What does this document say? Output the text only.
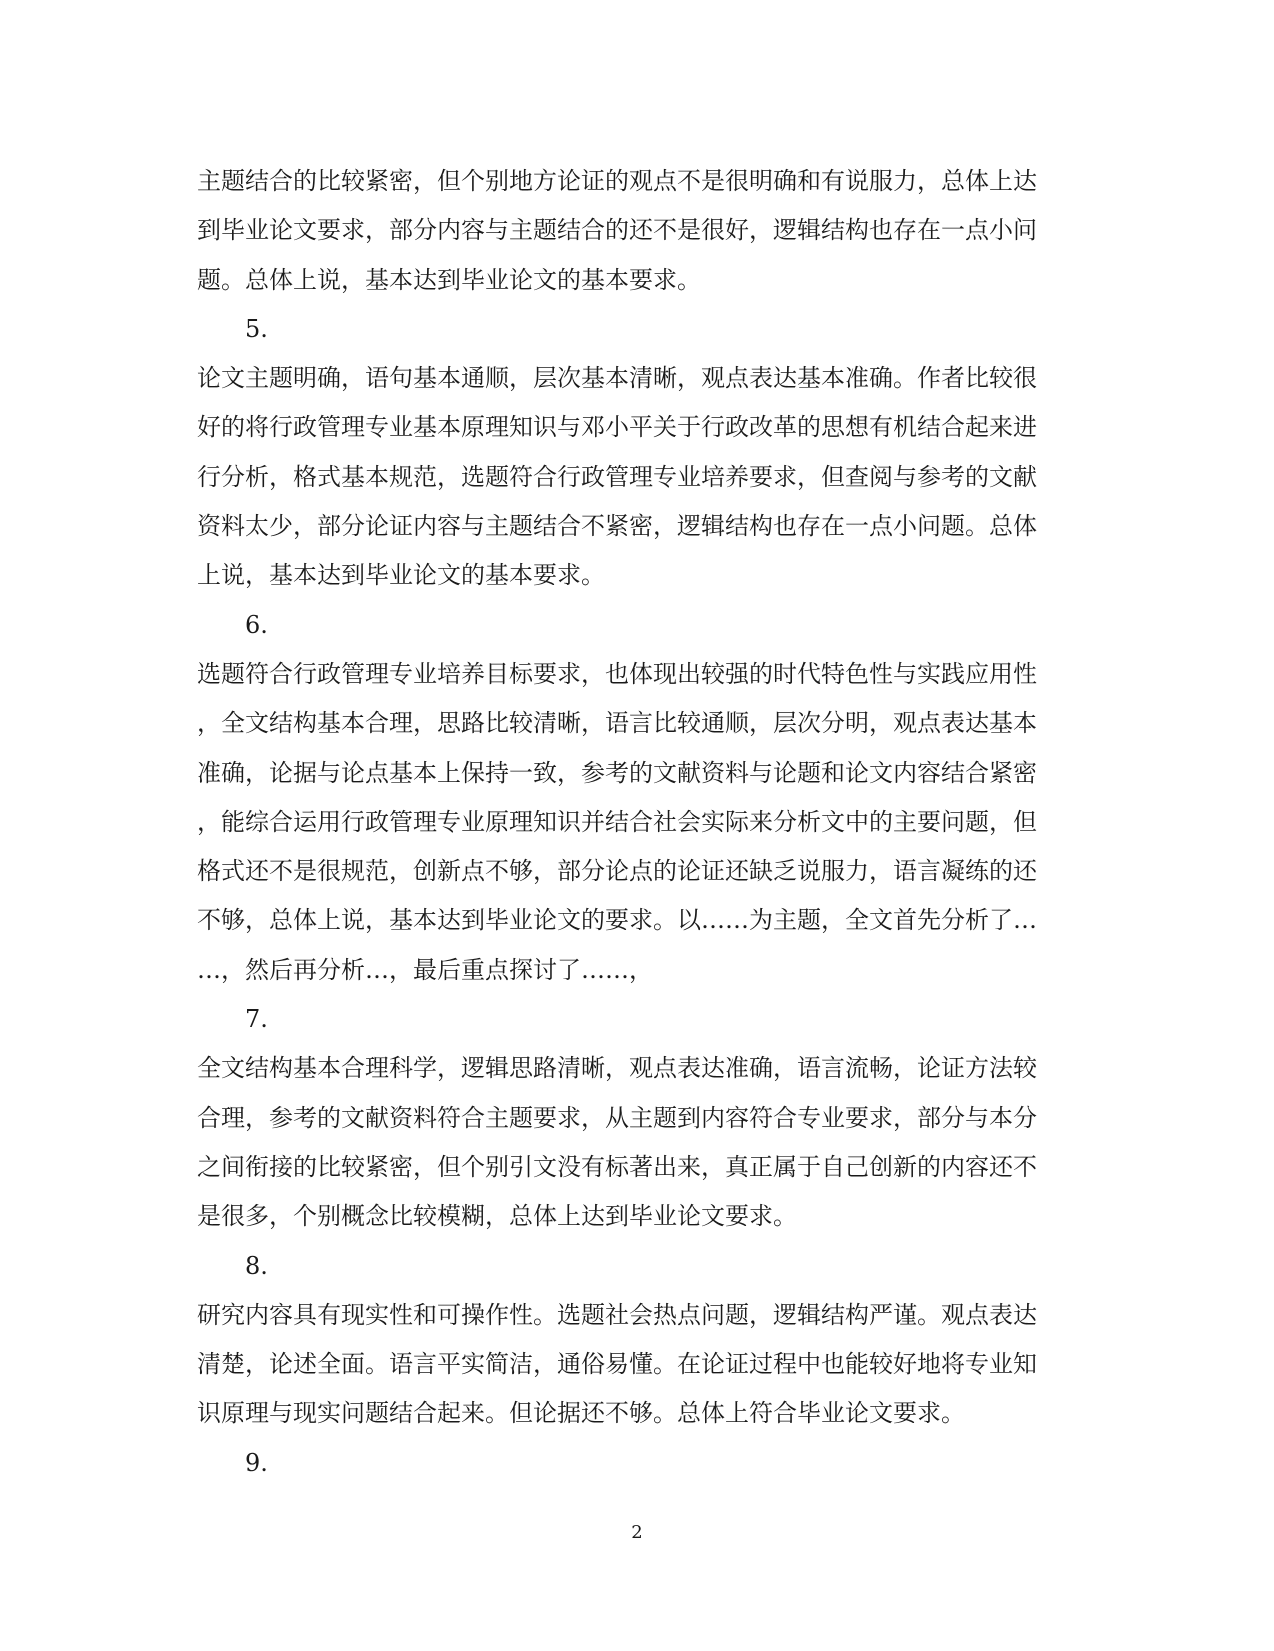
主题结合的比较紧密，但个别地方论证的观点不是很明确和有说服力，总体上达
到毕业论文要求，部分内容与主题结合的还不是很好，逻辑结构也存在一点小问
题。总体上说，基本达到毕业论文的基本要求。
5.
论文主题明确，语句基本通顺，层次基本清晰，观点表达基本准确。作者比较很
好的将行政管理专业基本原理知识与邓小平关于行政改革的思想有机结合起来进
行分析，格式基本规范，选题符合行政管理专业培养要求，但查阅与参考的文献
资料太少，部分论证内容与主题结合不紧密，逻辑结构也存在一点小问题。总体
上说，基本达到毕业论文的基本要求。
6.
选题符合行政管理专业培养目标要求，也体现出较强的时代特色性与实践应用性
，全文结构基本合理，思路比较清晰，语言比较通顺，层次分明，观点表达基本
准确，论据与论点基本上保持一致，参考的文献资料与论题和论文内容结合紧密
，能综合运用行政管理专业原理知识并结合社会实际来分析文中的主要问题，但
格式还不是很规范，创新点不够，部分论点的论证还缺乏说服力，语言凝练的还
不够，总体上说，基本达到毕业论文的要求。以……为主题，全文首先分析了…
…，然后再分析…，最后重点探讨了……，
7.
全文结构基本合理科学，逻辑思路清晰，观点表达准确，语言流畅，论证方法较
合理，参考的文献资料符合主题要求，从主题到内容符合专业要求，部分与本分
之间衔接的比较紧密，但个别引文没有标著出来，真正属于自己创新的内容还不
是很多，个别概念比较模糊，总体上达到毕业论文要求。
8.
研究内容具有现实性和可操作性。选题社会热点问题，逻辑结构严谨。观点表达
清楚，论述全面。语言平实简洁，通俗易懂。在论证过程中也能较好地将专业知
识原理与现实问题结合起来。但论据还不够。总体上符合毕业论文要求。
9.
2
